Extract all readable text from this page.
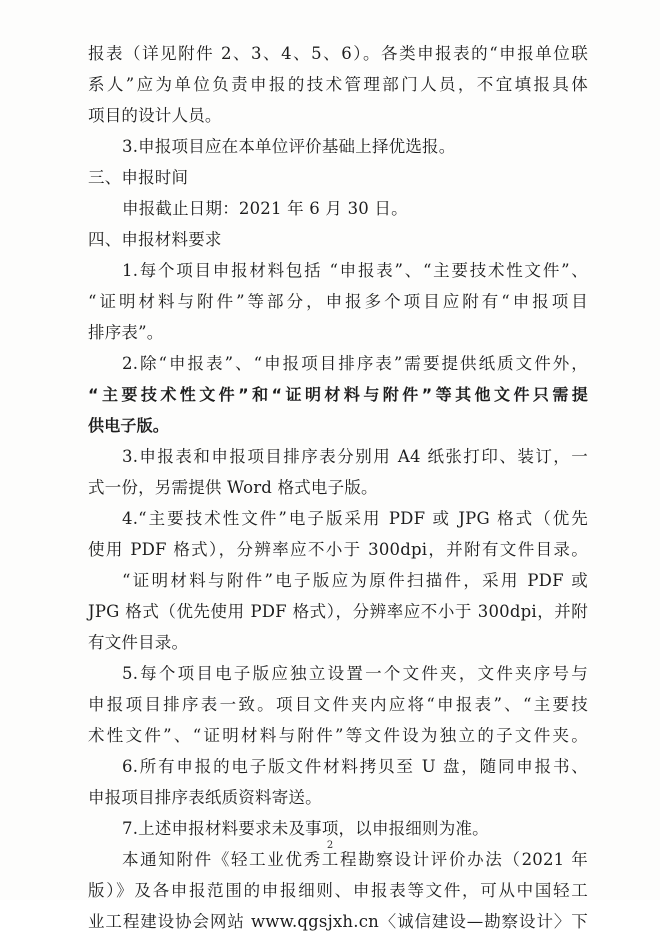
报表（详见附件 2、3、4、5、6）。各类申报表的“申报单位联
系人”应为单位负责申报的技术管理部门人员，不宜填报具体
项目的设计人员。
3.申报项目应在本单位评价基础上择优选报。
三、申报时间
申报截止日期：2021 年 6 月 30 日。
四、申报材料要求
1.每个项目申报材料包括 “申报表”、“主要技术性文件”、
“证明材料与附件”等部分，申报多个项目应附有“申报项目
排序表”。
2.除“申报表”、“申报项目排序表”需要提供纸质文件外，
“主要技术性文件”和“证明材料与附件”等其他文件只需提
供电子版。
3.申报表和申报项目排序表分别用 A4 纸张打印、装订，一
式一份，另需提供 Word 格式电子版。
4.“主要技术性文件”电子版采用 PDF 或 JPG 格式（优先
使用 PDF 格式），分辨率应不小于 300dpi，并附有文件目录。
“证明材料与附件”电子版应为原件扫描件，采用 PDF 或
JPG 格式（优先使用 PDF 格式），分辨率应不小于 300dpi，并附
有文件目录。
5.每个项目电子版应独立设置一个文件夹，文件夹序号与
申报项目排序表一致。项目文件夹内应将“申报表”、“主要技
术性文件”、“证明材料与附件”等文件设为独立的子文件夹。
6.所有申报的电子版文件材料拷贝至 U 盘，随同申报书、
申报项目排序表纸质资料寄送。
7.上述申报材料要求未及事项，以申报细则为准。
本通知附件《轻工业优秀工程勘察设计评价办法（2021 年
版）》及各申报范围的申报细则、申报表等文件，可从中国轻工
业工程建设协会网站 www.qgsjxh.cn〈诚信建设—勘察设计〉下
2
